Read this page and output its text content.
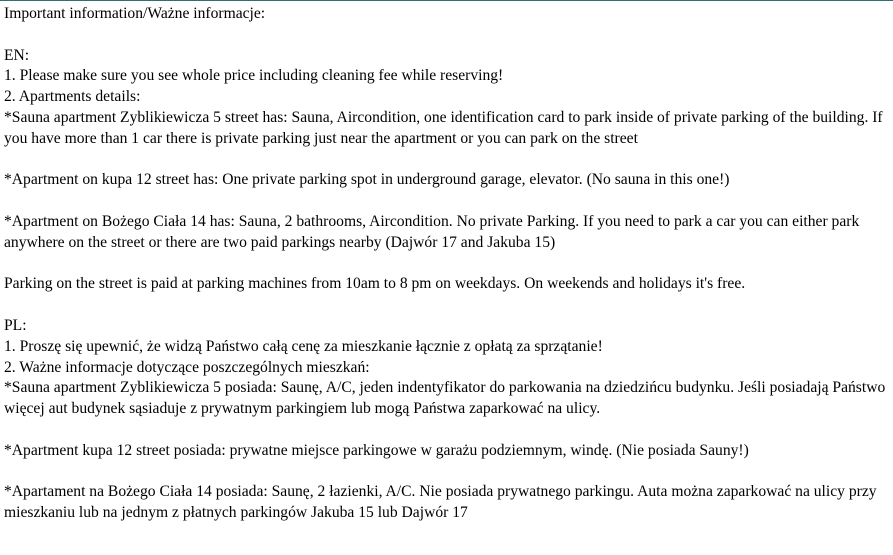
Important information/Ważne informacje:

EN:

1. Please make sure you see whole price including cleaning fee while reserving!

2. Apartments details:

*Sauna apartment Zyblikiewicza 5 street has: Sauna, Aircondition, one identification card to park inside of private parking of the building. If you have more than 1 car there is private parking just near the apartment or you can park on the street

*Apartment on kupa 12 street has: One private parking spot in underground garage, elevator. (No sauna in this one!)

*Apartment on Bożego Ciała 14 has: Sauna, 2 bathrooms, Aircondition. No private Parking. If you need to park a car you can either park anywhere on the street or there are two paid parkings nearby (Dajwór 17 and Jakuba 15)

Parking on the street is paid at parking machines from 10am to 8 pm on weekdays. On weekends and holidays it's free.

PL:

1. Proszę się upewnić, że widzą Państwo całą cenę za mieszkanie łącznie z opłatą za sprzątanie!

2. Ważne informacje dotyczące poszczególnych mieszkań:

*Sauna apartment Zyblikiewicza 5 posiada: Saunę, A/C, jeden indentyfikator do parkowania na dziedzińcu budynku. Jeśli posiadają Państwo więcej aut budynek sąsiaduje z prywatnym parkingiem lub mogą Państwa zaparkować na ulicy.

*Apartment kupa 12 street posiada: prywatne miejsce parkingowe w garażu podziemnym, windę. (Nie posiada Sauny!)

*Apartament na Bożego Ciała 14 posiada: Saunę, 2 łazienki, A/C. Nie posiada prywatnego parkingu. Auta można zaparkować na ulicy przy mieszkaniu lub na jednym z płatnych parkingów Jakuba 15 lub Dajwór 17
